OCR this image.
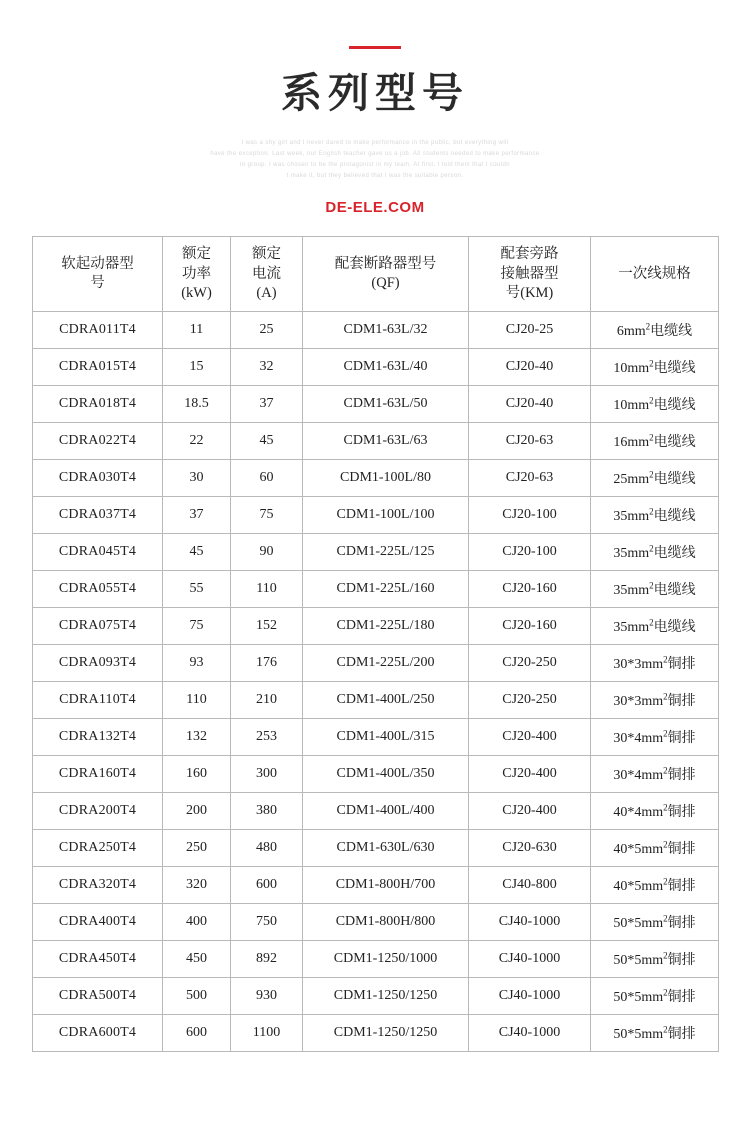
系列型号
I was a shy girl and I never dared to make performance in the public, but everything will
have the exception. Last week, our English teacher gave us a job. All students needed to make performance
in group. I was chosen to be the protagonist in my team. At first, I told them that I couldn
t make it, but they believed that I was the suitable person.
DE-ELE.COM
软起动器型
号	额定
功率
(kW)	额定
电流
(A)	配套断路器型号
(QF)	配套旁路
接触器型
号(KM)	一次线规格

CDRA011T4	11	25	CDM1-63L/32	CJ20-25	$6mm^2$电缆线
CDRA015T4	15	32	CDM1-63L/40	CJ20-40	$10mm^2$电缆线
CDRA018T4	18.5	37	CDM1-63L/50	CJ20-40	$10mm^2$电缆线
CDRA022T4	22	45	CDM1-63L/63	CJ20-63	$16mm^2$电缆线
CDRA030T4	30	60	CDM1-100L/80	CJ20-63	$25mm^2$电缆线
CDRA037T4	37	75	CDM1-100L/100	CJ20-100	$35mm^2$电缆线
CDRA045T4	45	90	CDM1-225L/125	CJ20-100	$35mm^2$电缆线
CDRA055T4	55	110	CDM1-225L/160	CJ20-160	$35mm^2$电缆线
CDRA075T4	75	152	CDM1-225L/180	CJ20-160	$35mm^2$电缆线
CDRA093T4	93	176	CDM1-225L/200	CJ20-250	$30*3mm^2$铜排
CDRA110T4	110	210	CDM1-400L/250	CJ20-250	$30*3mm^2$铜排
CDRA132T4	132	253	CDM1-400L/315	CJ20-400	$30*4mm^2$铜排
CDRA160T4	160	300	CDM1-400L/350	CJ20-400	$30*4mm^2$铜排
CDRA200T4	200	380	CDM1-400L/400	CJ20-400	$40*4mm^2$铜排
CDRA250T4	250	480	CDM1-630L/630	CJ20-630	$40*5mm^2$铜排
CDRA320T4	320	600	CDM1-800H/700	CJ40-800	$40*5mm^2$铜排
CDRA400T4	400	750	CDM1-800H/800	CJ40-1000	$50*5mm^2$铜排
CDRA450T4	450	892	CDM1-1250/1000	CJ40-1000	$50*5mm^2$铜排
CDRA500T4	500	930	CDM1-1250/1250	CJ40-1000	$50*5mm^2$铜排
CDRA600T4	600	1100	CDM1-1250/1250	CJ40-1000	$50*5mm^2$铜排
